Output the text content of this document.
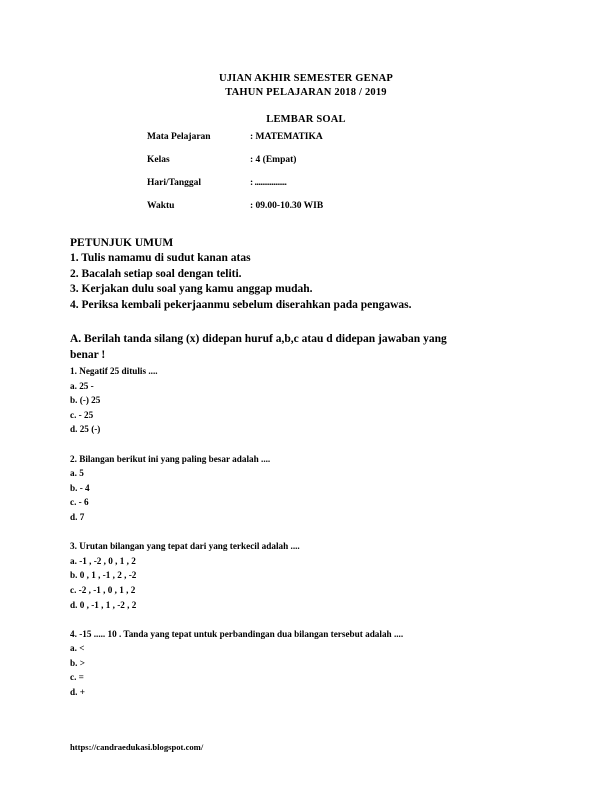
UJIAN AKHIR SEMESTER GENAP
TAHUN PELAJARAN 2018 / 2019
LEMBAR SOAL
Mata Pelajaran	: MATEMATIKA
Kelas	: 4 (Empat)
Hari/Tanggal	: .................
Waktu	: 09.00-10.30 WIB
PETUNJUK UMUM
1. Tulis namamu di sudut kanan atas
2. Bacalah setiap soal dengan teliti.
3. Kerjakan dulu soal yang kamu anggap mudah.
4. Periksa kembali pekerjaanmu sebelum diserahkan pada pengawas.
A. Berilah tanda silang (x) didepan huruf a,b,c atau d didepan jawaban yang
benar !
1. Negatif 25 ditulis ....
a. 25 -
b. (-) 25
c. - 25
d. 25 (-)
2. Bilangan berikut ini yang paling besar adalah ....
a. 5
b. - 4
c. - 6
d. 7
3. Urutan bilangan yang tepat dari yang terkecil adalah ....
a. -1 , -2 , 0 , 1 , 2
b. 0 , 1 , -1 , 2 , -2
c. -2 , -1 , 0 , 1 , 2
d. 0 , -1 , 1 , -2 , 2
4. -15 ..... 10 . Tanda yang tepat untuk perbandingan dua bilangan tersebut adalah ....
a. <
b. >
c. =
d. +
https://candraedukasi.blogspot.com/
